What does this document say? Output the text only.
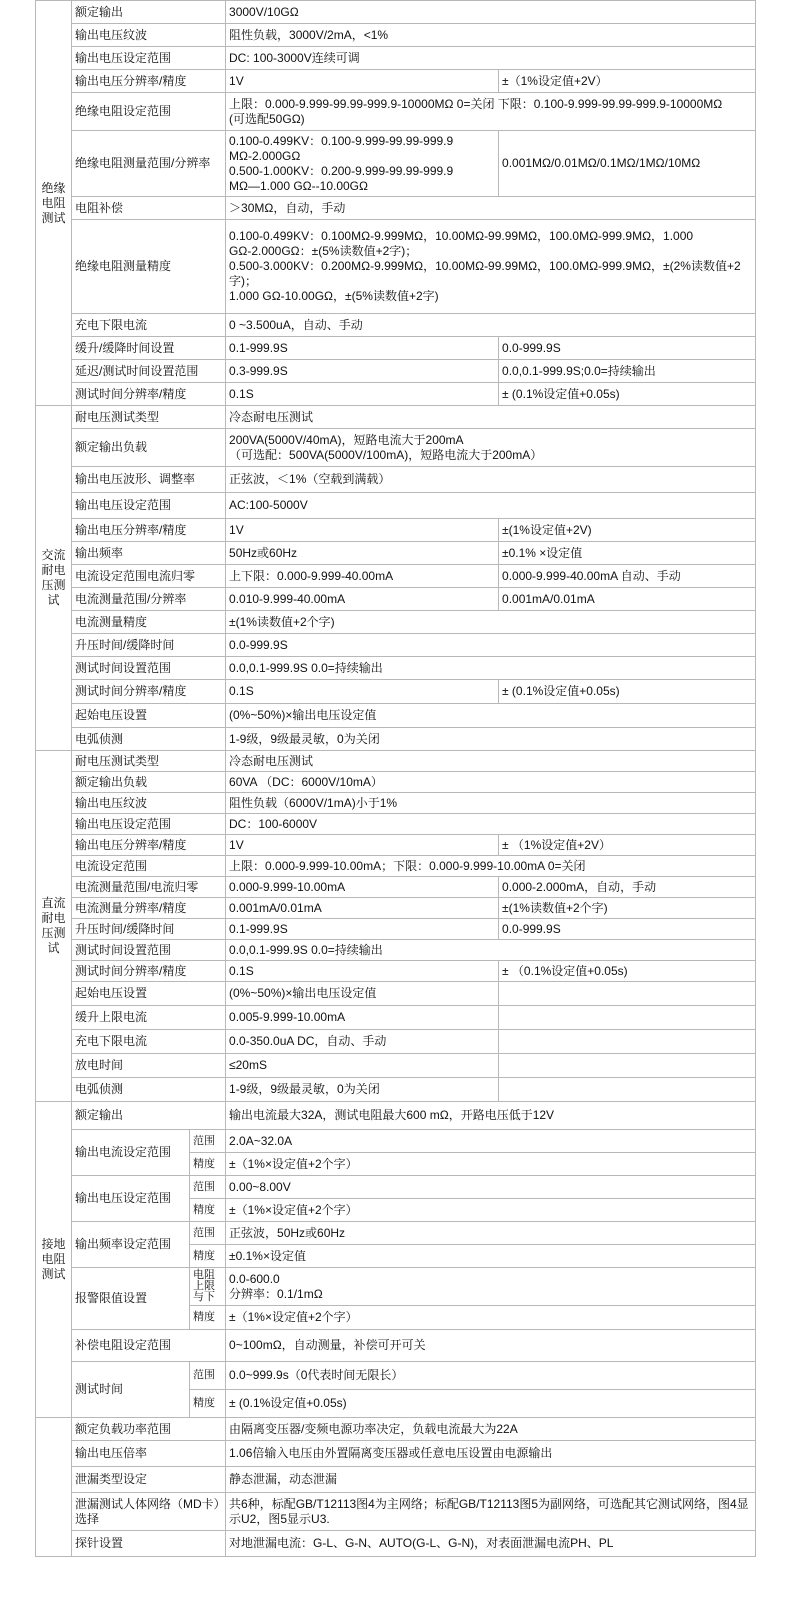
绝缘电阻测试	额定输出		3000V/10GΩ	
	输出电压纹波		阻性负载，3000V/2mA，<1%	
	输出电压设定范围		DC: 100-3000V连续可调	
	输出电压分辨率/精度		1V	±（1%设定值+2V）
	绝缘电阻设定范围		上限：0.000-9.999-99.99-999.9-10000MΩ 0=关闭 下限：0.100-9.999-99.99-999.9-10000MΩ
(可选配50GΩ)	
	绝缘电阻测量范围/分辨率		0.100-0.499KV：0.100-9.999-99.99-999.9
MΩ-2.000GΩ
0.500-1.000KV：0.200-9.999-99.99-999.9
MΩ—1.000 GΩ--10.00GΩ	0.001MΩ/0.01MΩ/0.1MΩ/1MΩ/10MΩ
	电阻补偿		＞30MΩ，自动，手动	
	绝缘电阻测量精度		0.100-0.499KV：0.100MΩ-9.999MΩ，10.00MΩ-99.99MΩ，100.0MΩ-999.9MΩ，1.000 GΩ-2.000GΩ：±(5%读数值+2字)；
0.500-3.000KV：0.200MΩ-9.999MΩ，10.00MΩ-99.99MΩ，100.0MΩ-999.9MΩ，±(2%读数值+2字)；
1.000 GΩ-10.00GΩ，±(5%读数值+2字)	
	充电下限电流		0 ~3.500uA，自动、手动	
	缓升/缓降时间设置		0.1-999.9S	0.0-999.9S
	延迟/测试时间设置范围		0.3-999.9S	0.0,0.1-999.9S;0.0=持续输出
	测试时间分辨率/精度		0.1S	± (0.1%设定值+0.05s)
交流耐电压测试	耐电压测试类型		冷态耐电压测试	
	额定输出负载		200VA(5000V/40mA)，短路电流大于200mA
（可选配：500VA(5000V/100mA)，短路电流大于200mA）	
	输出电压波形、调整率		正弦波，＜1%（空载到满载）	
	输出电压设定范围		AC:100-5000V	
	输出电压分辨率/精度		1V	±(1%设定值+2V)
	输出频率		50Hz或60Hz	±0.1% ×设定值
	电流设定范围电流归零		上下限：0.000-9.999-40.00mA	0.000-9.999-40.00mA 自动、手动
	电流测量范围/分辨率		0.010-9.999-40.00mA	0.001mA/0.01mA
	电流测量精度		±(1%读数值+2个字)	
	升压时间/缓降时间		0.0-999.9S	
	测试时间设置范围		0.0,0.1-999.9S 0.0=持续输出	
	测试时间分辨率/精度		0.1S	± (0.1%设定值+0.05s)
	起始电压设置		(0%~50%)×输出电压设定值	
	电弧侦测		1-9级，9级最灵敏，0为关闭	
直流耐电压测试	耐电压测试类型		冷态耐电压测试	
	额定输出负载		60VA （DC：6000V/10mA）	
	输出电压纹波		阻性负载（6000V/1mA)小于1%	
	输出电压设定范围		DC：100-6000V	
	输出电压分辨率/精度		1V	± （1%设定值+2V）
	电流设定范围		上限：0.000-9.999-10.00mA；下限：0.000-9.999-10.00mA 0=关闭	
	电流测量范围/电流归零		0.000-9.999-10.00mA	0.000-2.000mA，自动，手动
	电流测量分辨率/精度		0.001mA/0.01mA	±(1%读数值+2个字)
	升压时间/缓降时间		0.1-999.9S	0.0-999.9S
	测试时间设置范围		0.0,0.1-999.9S 0.0=持续输出	
	测试时间分辨率/精度		0.1S	± （0.1%设定值+0.05s)
	起始电压设置		(0%~50%)×输出电压设定值	
	缓升上限电流		0.005-9.999-10.00mA	
	充电下限电流		0.0-350.0uA DC，自动、手动	
	放电时间		≤20mS	
	电弧侦测		1-9级，9级最灵敏，0为关闭	
接地电阻测试	额定输出		输出电流最大32A，测试电阻最大600 mΩ，开路电压低于12V	
	输出电流设定范围	范围	2.0A~32.0A	
		精度	±（1%×设定值+2个字）	
	输出电压设定范围	范围	0.00~8.00V	
		精度	±（1%×设定值+2个字）	
	输出频率设定范围	范围	正弦波，50Hz或60Hz	
		精度	±0.1%×设定值	
	报警限值设置	电阻上限与下	0.0-600.0
分辨率：0.1/1mΩ	
		精度	±（1%×设定值+2个字）	
	补偿电阻设定范围		0~100mΩ，自动测量，补偿可开可关	
	测试时间	范围	0.0~999.9s（0代表时间无限长）	
		精度	± (0.1%设定值+0.05s)	
	额定负载功率范围		由隔离变压器/变频电源功率决定，负载电流最大为22A	
	输出电压倍率		1.06倍输入电压由外置隔离变压器或任意电压设置由电源输出	
	泄漏类型设定		静态泄漏，动态泄漏	
	泄漏测试人体网络（MD卡）选择		共6种，标配GB/T12113图4为主网络；标配GB/T12113图5为副网络，可选配其它测试网络，图4显示U2，图5显示U3.	
	探针设置		对地泄漏电流：G-L、G-N、AUTO(G-L、G-N)，对表面泄漏电流PH、PL	
